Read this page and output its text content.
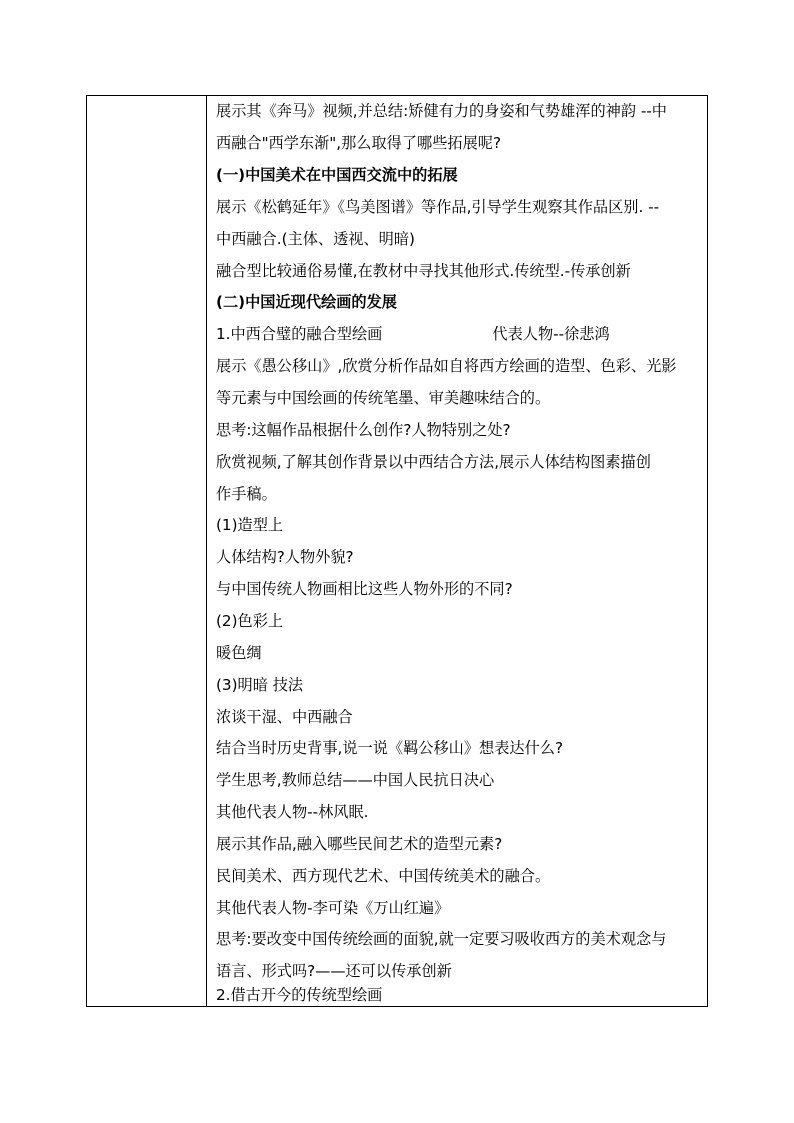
展示其《奔马》视频,并总结:矫健有力的身姿和气势雄浑的神韵 --中
西融合"西学东渐",那么取得了哪些拓展呢?
(一)中国美术在中国西交流中的拓展
展示《松鹤延年》《鸟美图谱》等作品,引导学生观察其作品区别. --
中西融合.(主体、透视、明暗)
融合型比较通俗易懂,在教材中寻找其他形式.传统型.-传承创新
(二)中国近现代绘画的发展
1.中西合璧的融合型绘画	代表人物--徐悲鸿
展示《愚公移山》,欣赏分析作品如自将西方绘画的造型、色彩、光影
等元素与中国绘画的传统笔墨、审美趣味结合的。
思考:这幅作品根据什么创作?人物特别之处?
欣赏视频,了解其创作背景以中西结合方法,展示人体结构图素描创
作手稿。
(1)造型上
人体结构?人物外貌?
与中国传统人物画相比这些人物外形的不同?
(2)色彩上
暖色绸
(3)明暗 技法
浓谈干湿、中西融合
结合当时历史背事,说一说《羁公移山》想表达什么?
学生思考,教师总结——中国人民抗日决心
其他代表人物--林风眠.
展示其作品,融入哪些民间艺术的造型元素?
民间美术、西方现代艺术、中国传统美术的融合。
其他代表人物-李可染《万山红遍》
思考:要改变中国传统绘画的面貌,就一定要习吸收西方的美术观念与
语言、形式吗?——还可以传承创新
2.借古开今的传统型绘画
